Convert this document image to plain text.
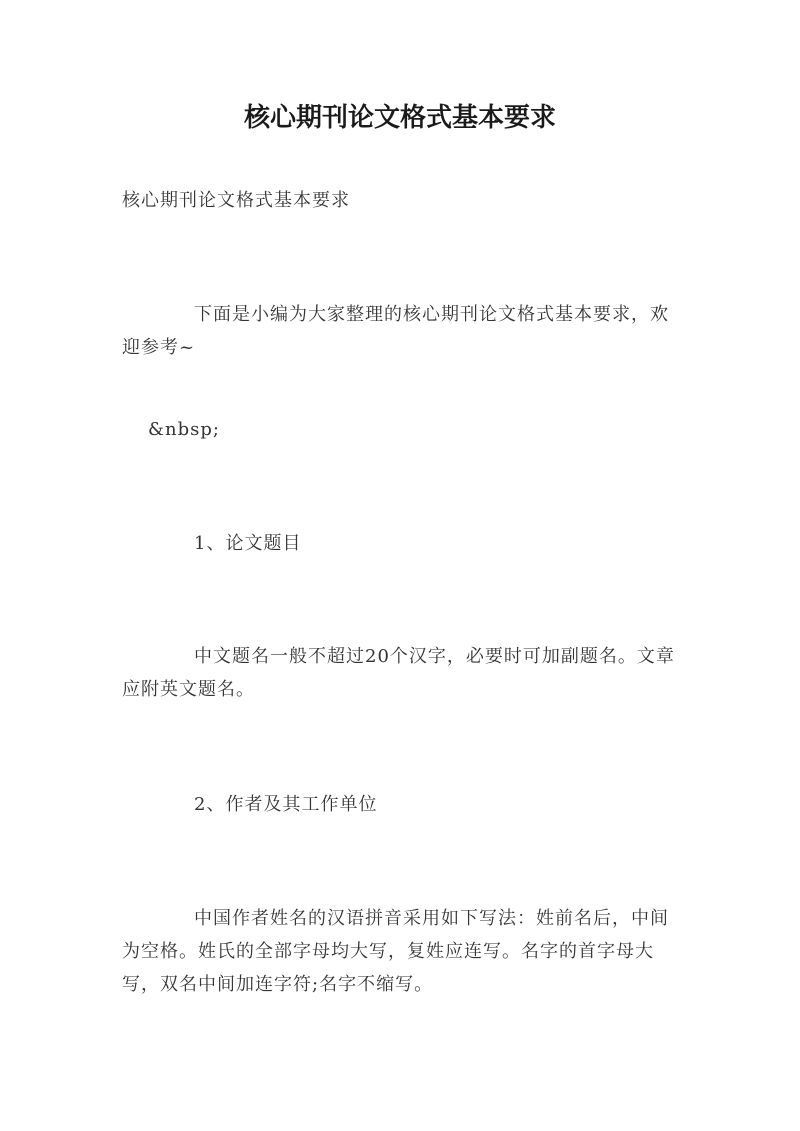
核心期刊论文格式基本要求

核心期刊论文格式基本要求

下面是小编为大家整理的核心期刊论文格式基本要求，欢迎参考~

&nbsp;

1、论文题目

中文题名一般不超过20个汉字，必要时可加副题名。文章应附英文题名。

2、作者及其工作单位

中国作者姓名的汉语拼音采用如下写法：姓前名后，中间为空格。姓氏的全部字母均大写，复姓应连写。名字的首字母大写，双名中间加连字符;名字不缩写。
